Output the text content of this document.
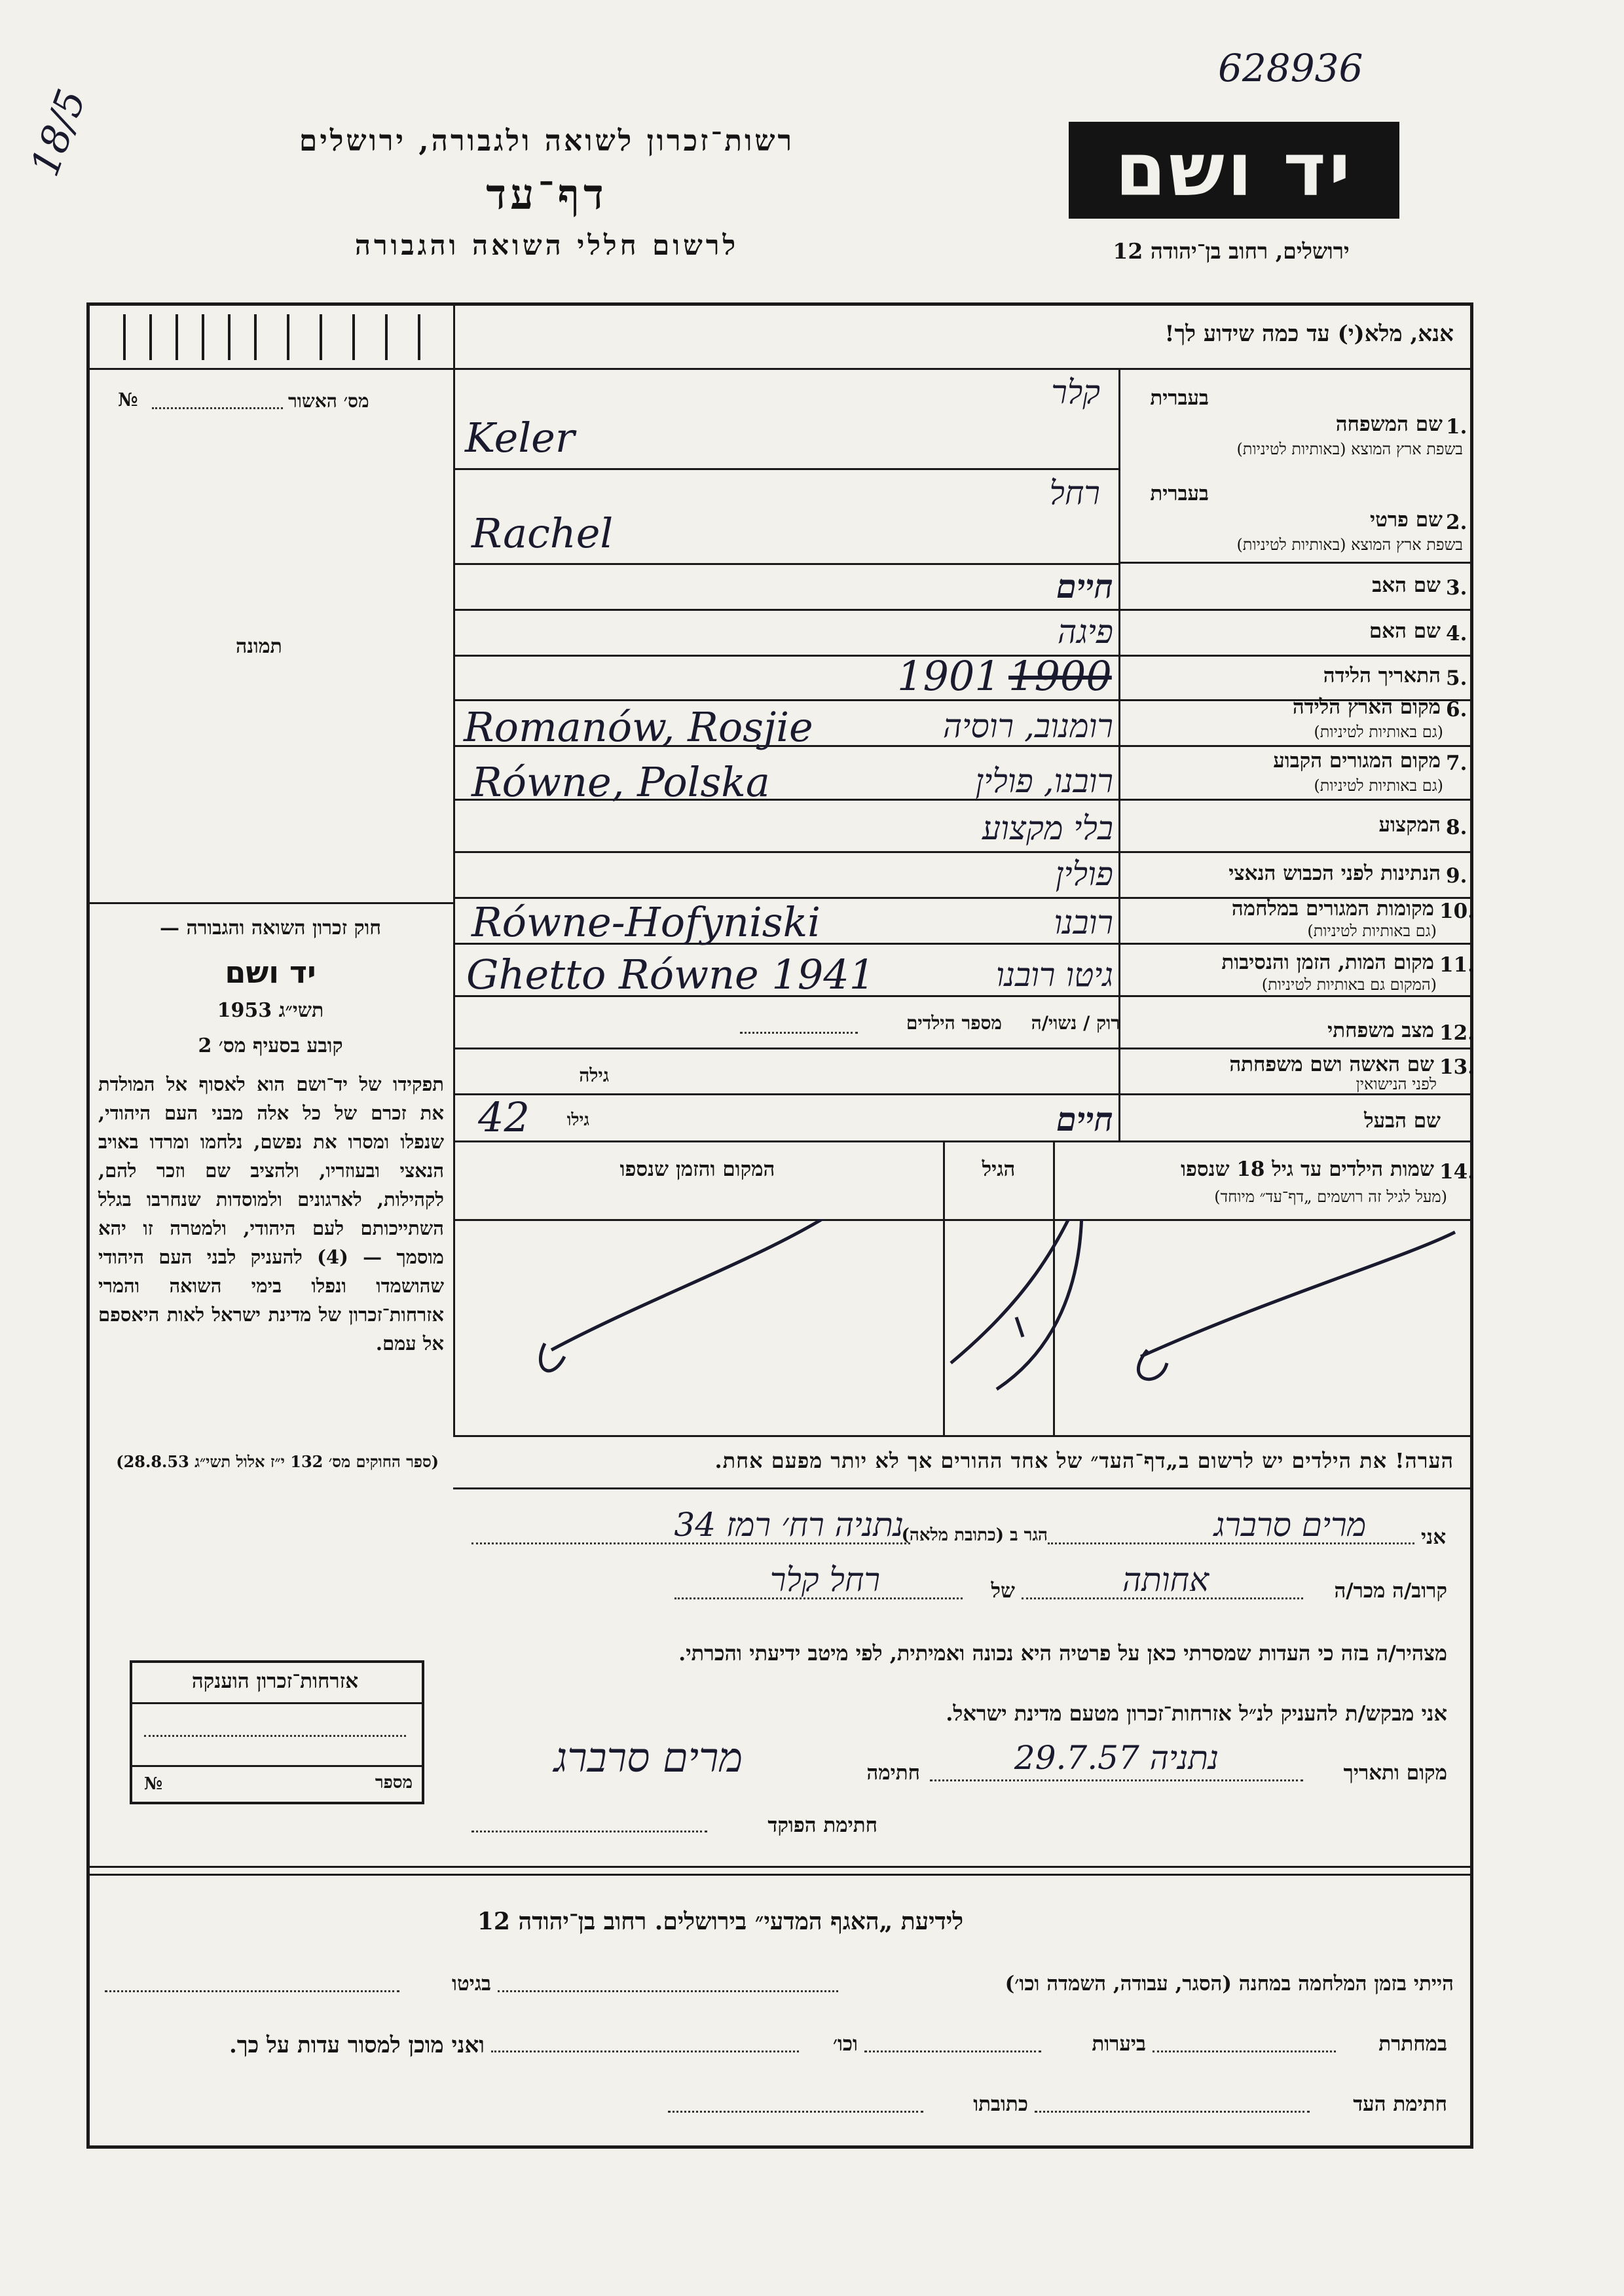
628936
18/5	רשות־זכרון לשואה ולגבורה, ירושלים
דף־עד
לרשום חללי השואה והגבורה
יד ושם
ירושלים, רחוב בן־יהודה 12
אנא, מלא(י) עד כמה שידוע לך!
מס׳ האשור
№
תמונה
חוק זכרון השואה והגבורה —
יד ושם
תשי״ג 1953
קובע בסעיף מס׳ 2
תפקידו של יד־ושם הוא לאסוף אל המולדת את זכרם של כל אלה מבני העם היהודי, שנפלו ומסרו את נפשם, נלחמו ומרדו באויב הנאצי ובעוזריו, ולהציב שם וזכר להם, לקהילות, לארגונים ולמוסדות שנחרבו בגלל השתייכותם לעם היהודי, ולמטרה זו יהא מוסמך — (4) להעניק לבני העם היהודי שהושמדו ונפלו בימי השואה והמרי אזרחות־זכרון של מדינת ישראל לאות היאספם אל עמם.
(ספר החוקים מס׳ 132 י״ז אלול תשי״ג 28.8.53)
1.
שם המשפחה
בשפת ארץ המוצא (באותיות לטיניות)
בעברית
קלר
Keler
2.
שם פרטי
בשפת ארץ המוצא (באותיות לטיניות)
בעברית
רחל
Rachel
3.
שם האב
חיים
4.
שם האם
פיגה
5.
התאריך הלידה
1901 1900
6.
מקום הארץ הלידה
(גם באותיות לטיניות)
רומנוב, רוסיה
Romanów, Rosjie
7.
מקום המגורים הקבוע
(גם באותיות לטיניות)
רובנו, פולין
Równe, Polska
8.
המקצוע
בלי מקצוע
9.
הנתינות לפני הכבוש הנאצי
פולין
10.
מקומות המגורים במלחמה
(גם באותיות לטיניות)
רובנו
Równe-Hofyniski
11.
מקום המות, הזמן והנסיבות
(המקום גם באותיות לטיניות)
גיטו רובנו
Ghetto Równe 1941
12.
מצב משפחתי
רוק / נשוי/ה
מספר הילדים
13.
שם האשה ושם משפחתה
לפני הנישואין
גילה
שם הבעל
חיים
גילו
42
14.
שמות הילדים עד גיל 18 שנספו
(מעל לגיל זה רושמים „דף־עד״ מיוחד)
הגיל
המקום והזמן שנספו
הערה! את הילדים יש לרשום ב„דף־העד״ של אחד ההורים אך לא יותר מפעם אחת.
אני
מרים סרברג
הגר ב (כתובת מלאה)
נתניה רח׳ רמז 34
קרוב/ה מכר/ה
אחותה
של
רחל קלר
מצהיר/ה בזה כי העדות שמסרתי כאן על פרטיה היא נכונה ואמיתית, לפי מיטב ידיעתי והכרתי.
אני מבקש/ת להעניק לנ״ל אזרחות־זכרון מטעם מדינת ישראל.
מקום ותאריך
נתניה 29.7.57
חתימה
מרים סרברג
חתימת הפוקד
אזרחות־זכרון הוענקה
מספר
№
לידיעת „האגף המדעי״ בירושלים. רחוב בן־יהודה 12
הייתי בזמן המלחמה במחנה (הסגר, עבודה, השמדה וכו׳)
בגיטו
במחתרת
ביערות
וכו׳
ואני מוכן למסור עדות על כך.
חתימת העד
כתובתו
